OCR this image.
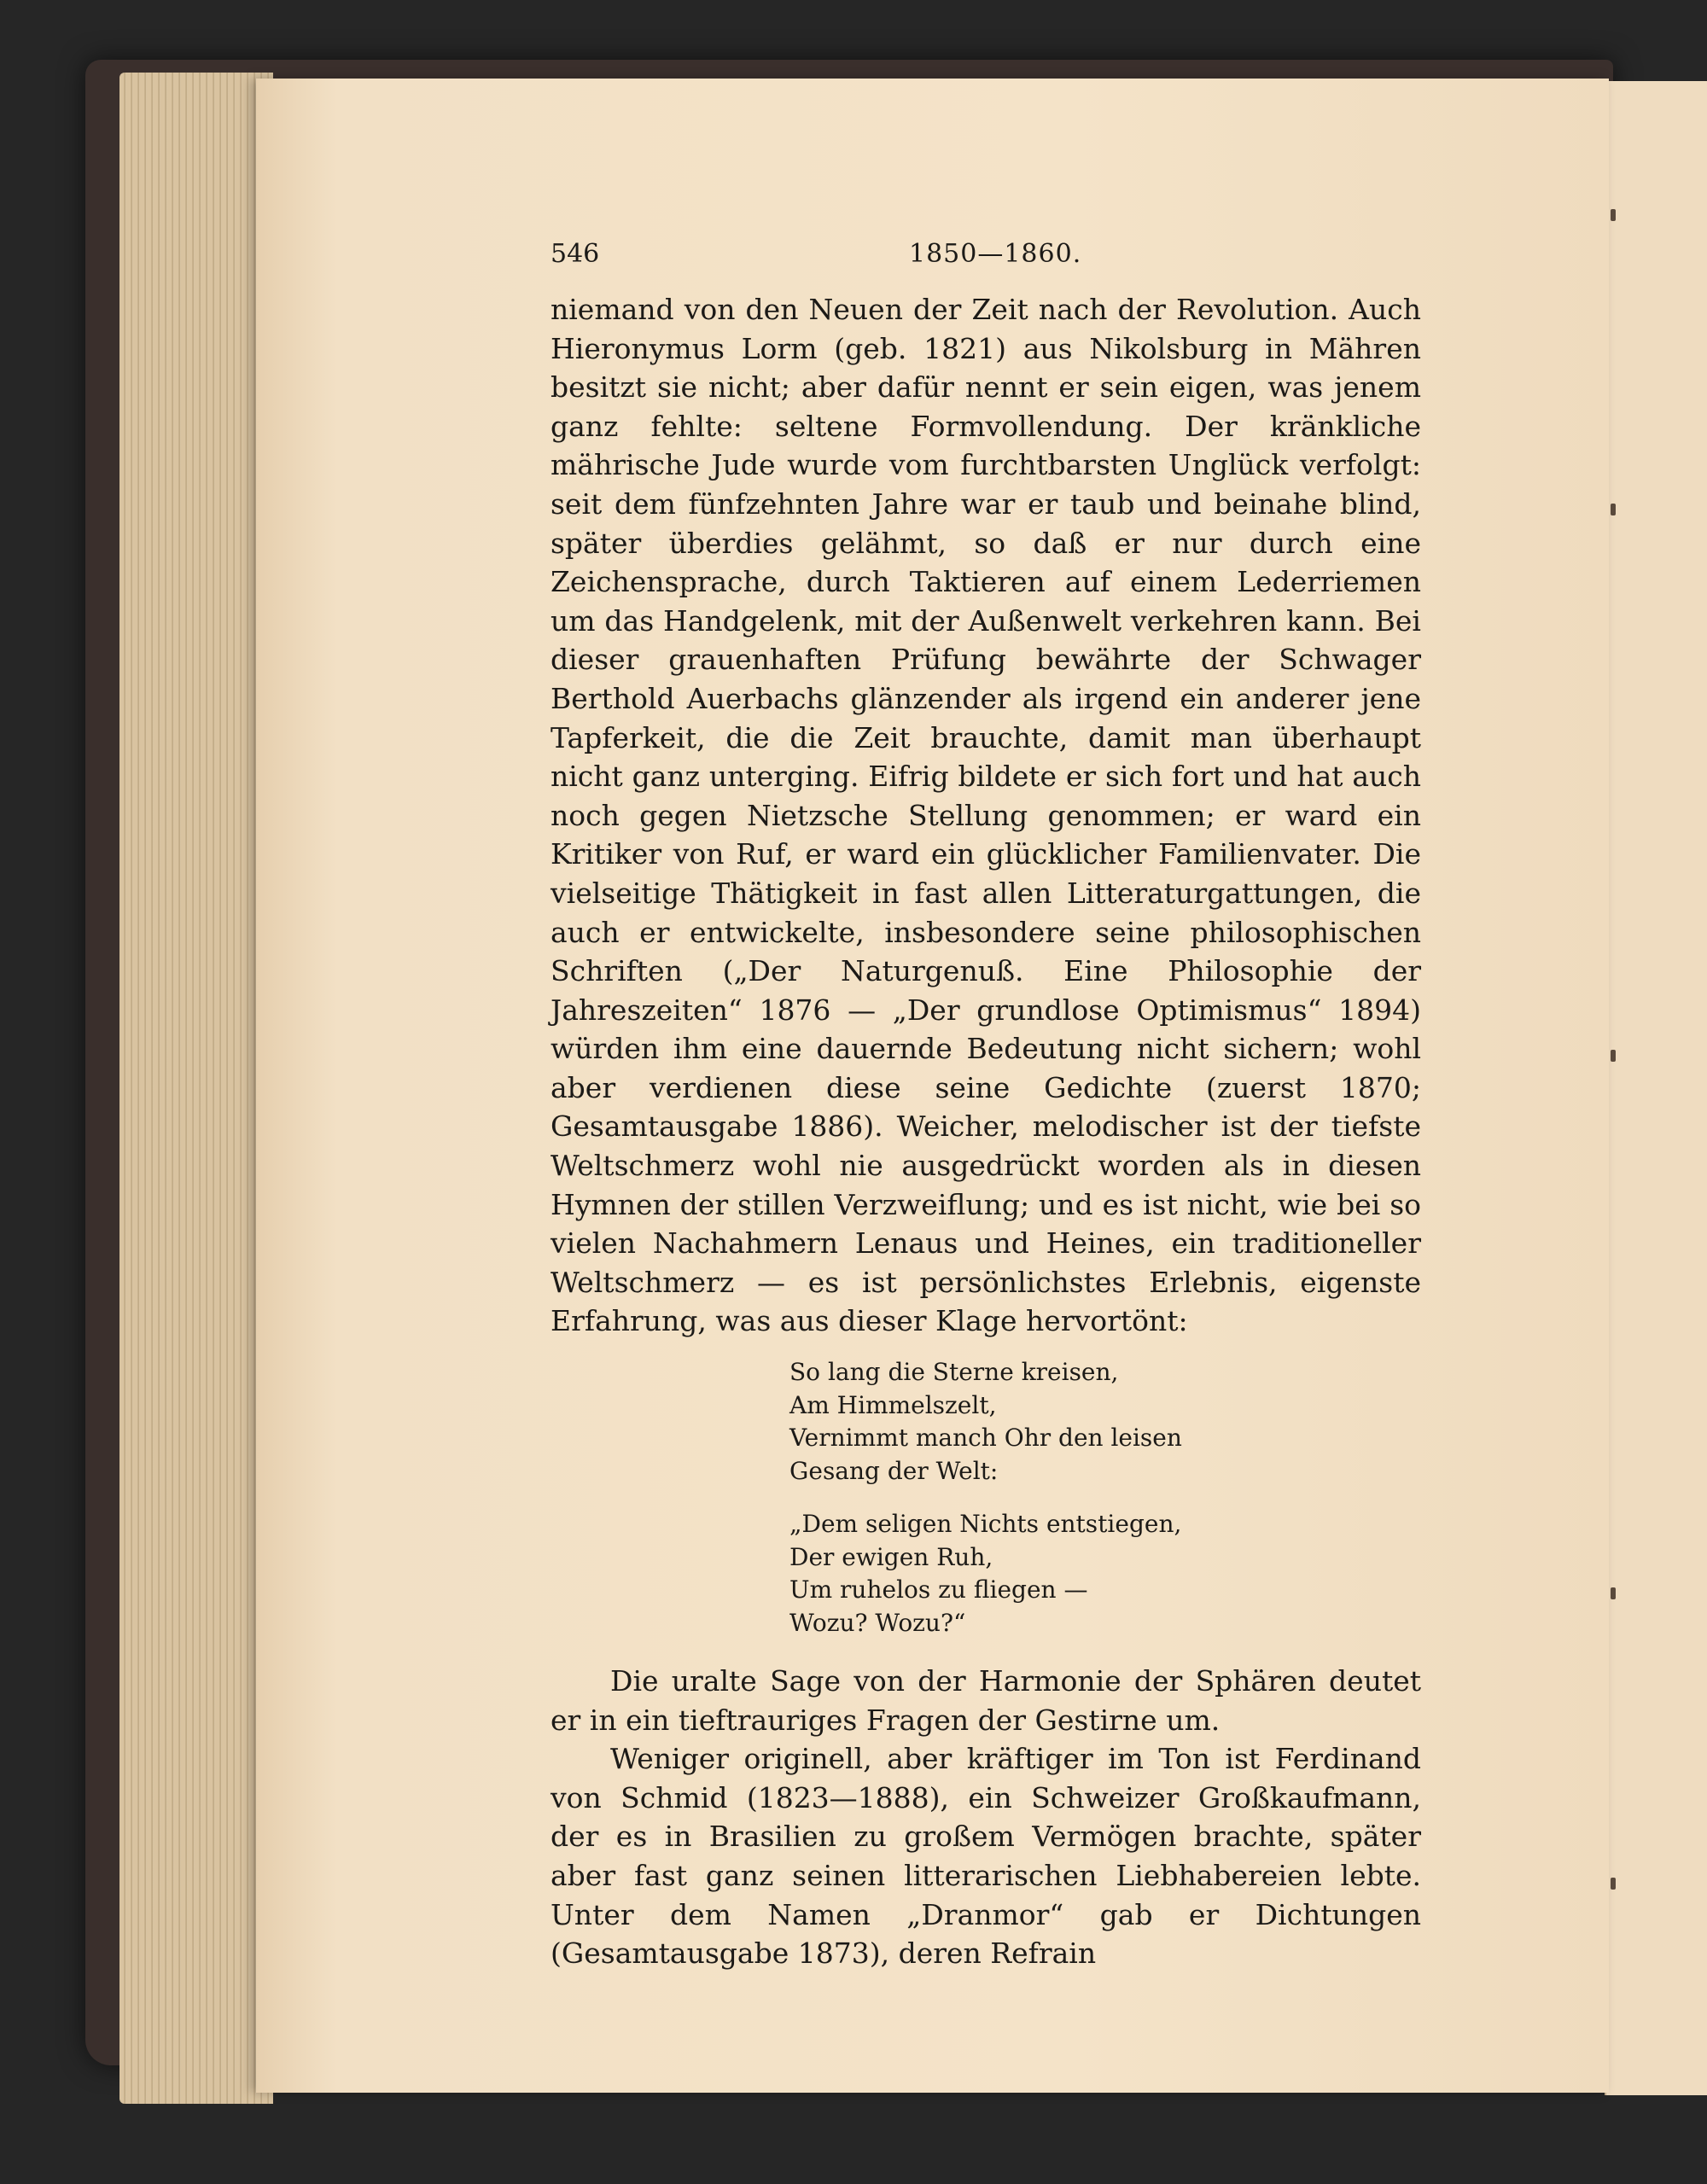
546	1850—1860.

niemand von den Neuen der Zeit nach der Revolution. Auch Hieronymus Lorm (geb. 1821) aus Nikolsburg in Mähren besitzt sie nicht; aber dafür nennt er sein eigen, was jenem ganz fehlte: seltene Formvollendung. Der kränkliche mährische Jude wurde vom furchtbarsten Unglück verfolgt: seit dem fünfzehnten Jahre war er taub und beinahe blind, später überdies gelähmt, so daß er nur durch eine Zeichensprache, durch Taktieren auf einem Lederriemen um das Handgelenk, mit der Außenwelt verkehren kann. Bei dieser grauenhaften Prüfung bewährte der Schwager Berthold Auerbachs glänzender als irgend ein anderer jene Tapferkeit, die die Zeit brauchte, damit man überhaupt nicht ganz unterging. Eifrig bildete er sich fort und hat auch noch gegen Nietzsche Stellung genommen; er ward ein Kritiker von Ruf, er ward ein glücklicher Familienvater. Die vielseitige Thätigkeit in fast allen Litteraturgattungen, die auch er entwickelte, insbesondere seine philosophischen Schriften („Der Naturgenuß. Eine Philosophie der Jahreszeiten“ 1876 — „Der grundlose Optimismus“ 1894) würden ihm eine dauernde Bedeutung nicht sichern; wohl aber verdienen diese seine Gedichte (zuerst 1870; Gesamtausgabe 1886). Weicher, melodischer ist der tiefste Weltschmerz wohl nie ausgedrückt worden als in diesen Hymnen der stillen Verzweiflung; und es ist nicht, wie bei so vielen Nachahmern Lenaus und Heines, ein traditioneller Weltschmerz — es ist persönlichstes Erlebnis, eigenste Erfahrung, was aus dieser Klage hervortönt:

So lang die Sterne kreisen,
Am Himmelszelt,
Vernimmt manch Ohr den leisen
Gesang der Welt:
„Dem seligen Nichts entstiegen,
Der ewigen Ruh,
Um ruhelos zu fliegen —
Wozu? Wozu?“

Die uralte Sage von der Harmonie der Sphären deutet er in ein tieftrauriges Fragen der Gestirne um.

Weniger originell, aber kräftiger im Ton ist Ferdinand von Schmid (1823—1888), ein Schweizer Großkaufmann, der es in Brasilien zu großem Vermögen brachte, später aber fast ganz seinen litterarischen Liebhabereien lebte. Unter dem Namen „Dranmor“ gab er Dichtungen (Gesamtausgabe 1873), deren Refrain
